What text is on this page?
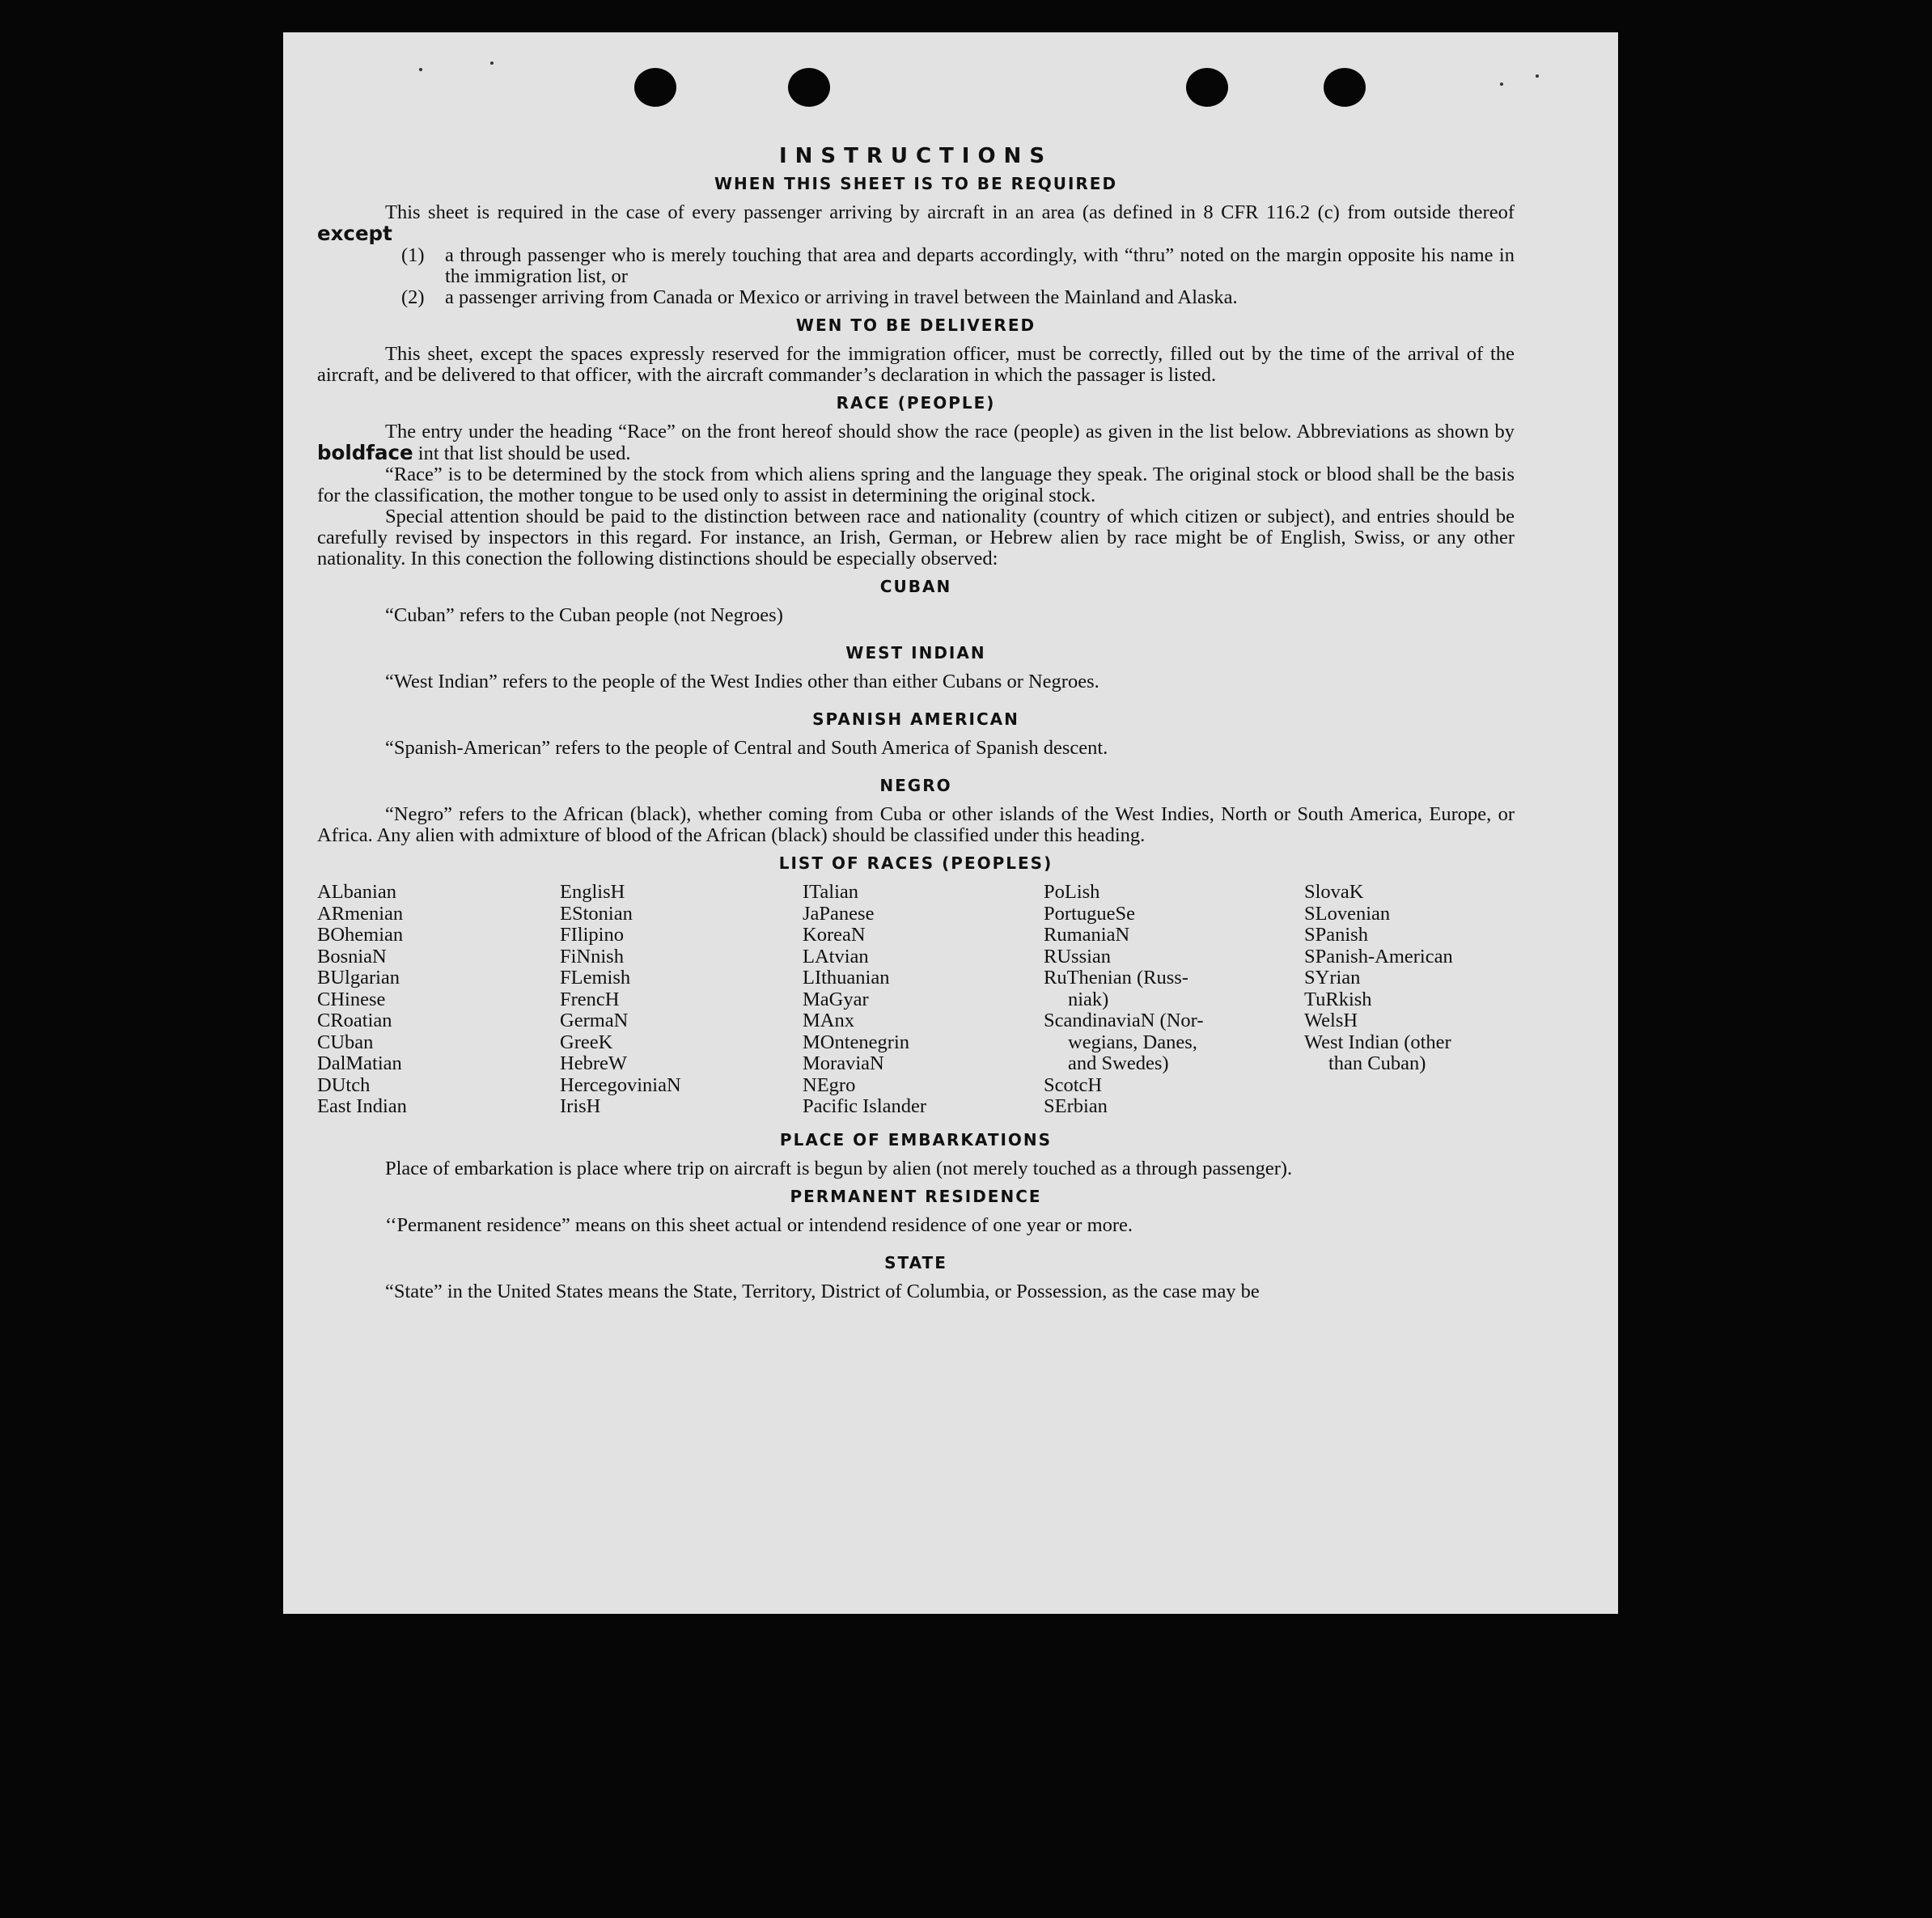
INSTRUCTIONS
WHEN THIS SHEET IS TO BE REQUIRED

This sheet is required in the case of every passenger arriving by aircraft in an area (as defined in 8 CFR 116.2 (c) from outside thereof except

(1)	a through passenger who is merely touching that area and departs accordingly, with “thru” noted on the margin opposite his name in the immigration list, or
(2)	a passenger arriving from Canada or Mexico or arriving in travel between the Mainland and Alaska.
WEN TO BE DELIVERED

This sheet, except the spaces expressly reserved for the immigration officer, must be correctly, filled out by the time of the arrival of the aircraft, and be delivered to that officer, with the aircraft commander’s declaration in which the passager is listed.

RACE (PEOPLE)

The entry under the heading “Race” on the front hereof should show the race (people) as given in the list below. Abbreviations as shown by boldface int that list should be used.

“Race” is to be determined by the stock from which aliens spring and the language they speak. The original stock or blood shall be the basis for the classification, the mother tongue to be used only to assist in determining the original stock.

Special attention should be paid to the distinction between race and nationality (country of which citizen or subject), and entries should be carefully revised by inspectors in this regard. For instance, an Irish, German, or Hebrew alien by race might be of English, Swiss, or any other nationality. In this conection the following distinctions should be especially observed:

CUBAN

“Cuban” refers to the Cuban people (not Negroes)

WEST INDIAN

“West Indian” refers to the people of the West Indies other than either Cubans or Negroes.

SPANISH AMERICAN

“Spanish-American” refers to the people of Central and South America of Spanish descent.

NEGRO

“Negro” refers to the African (black), whether coming from Cuba or other islands of the West Indies, North or South America, Europe, or Africa. Any alien with admixture of blood of the African (black) should be classified under this heading.

LIST OF RACES (PEOPLES)
ALbanian
ARmenian
BOhemian
BosniaN
BUlgarian
CHinese
CRoatian
CUban
DalMatian
DUtch
East Indian
EnglisH
EStonian
FIlipino
FiNnish
FLemish
FrencH
GermaN
GreeK
HebreW
HercegoviniaN
IrisH
ITalian
JaPanese
KoreaN
LAtvian
LIthuanian
MaGyar
MAnx
MOntenegrin
MoraviaN
NEgro
Pacific Islander
PoLish
PortugueSe
RumaniaN
RUssian
RuThenian (Russ-
niak)
ScandinaviaN (Nor-
wegians, Danes,
and Swedes)
ScotcH
SErbian
SlovaK
SLovenian
SPanish
SPanish-American
SYrian
TuRkish
WelsH
West Indian (other
than Cuban)
PLACE OF EMBARKATIONS

Place of embarkation is place where trip on aircraft is begun by alien (not merely touched as a through passenger).

PERMANENT RESIDENCE

‘‘Permanent residence” means on this sheet actual or intendend residence of one year or more.

STATE

“State” in the United States means the State, Territory, District of Columbia, or Possession, as the case may be
